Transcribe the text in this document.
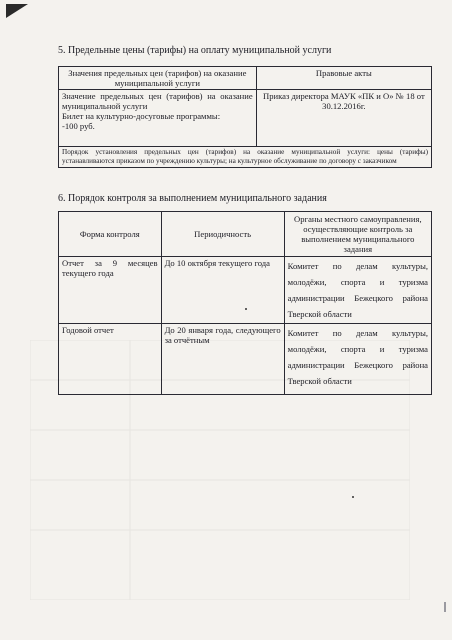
5. Предельные цены (тарифы) на оплату муниципальной услуги
Значения предельных цен (тарифов) на оказание муниципальной услуги	Правовые акты

Значение предельных цен (тарифов) на оказание муниципальной услуги
Билет на культурно-досуговые программы:
-100 руб.	Приказ директора МАУК «ПК и О» № 18 от 30.12.2016г.
Порядок установления предельных цен (тарифов) на оказание муниципальной услуги: цены (тарифы) устанавливаются приказом по учреждению культуры; на культурное обслуживание по договору с заказчиком	
6. Порядок контроля за выполнением муниципального задания
Форма контроля	Периодичность	Органы местного самоуправления, осуществляющие контроль за выполнением муниципального задания
Отчет за 9 месяцев текущего года	До 10 октября текущего года	Комитет по делам культуры, молодёжи, спорта и туризма администрации Бежецкого района Тверской области
Годовой отчет	До 20 января года, следующего за отчётным	Комитет по делам культуры, молодёжи, спорта и туризма администрации Бежецкого района Тверской области
